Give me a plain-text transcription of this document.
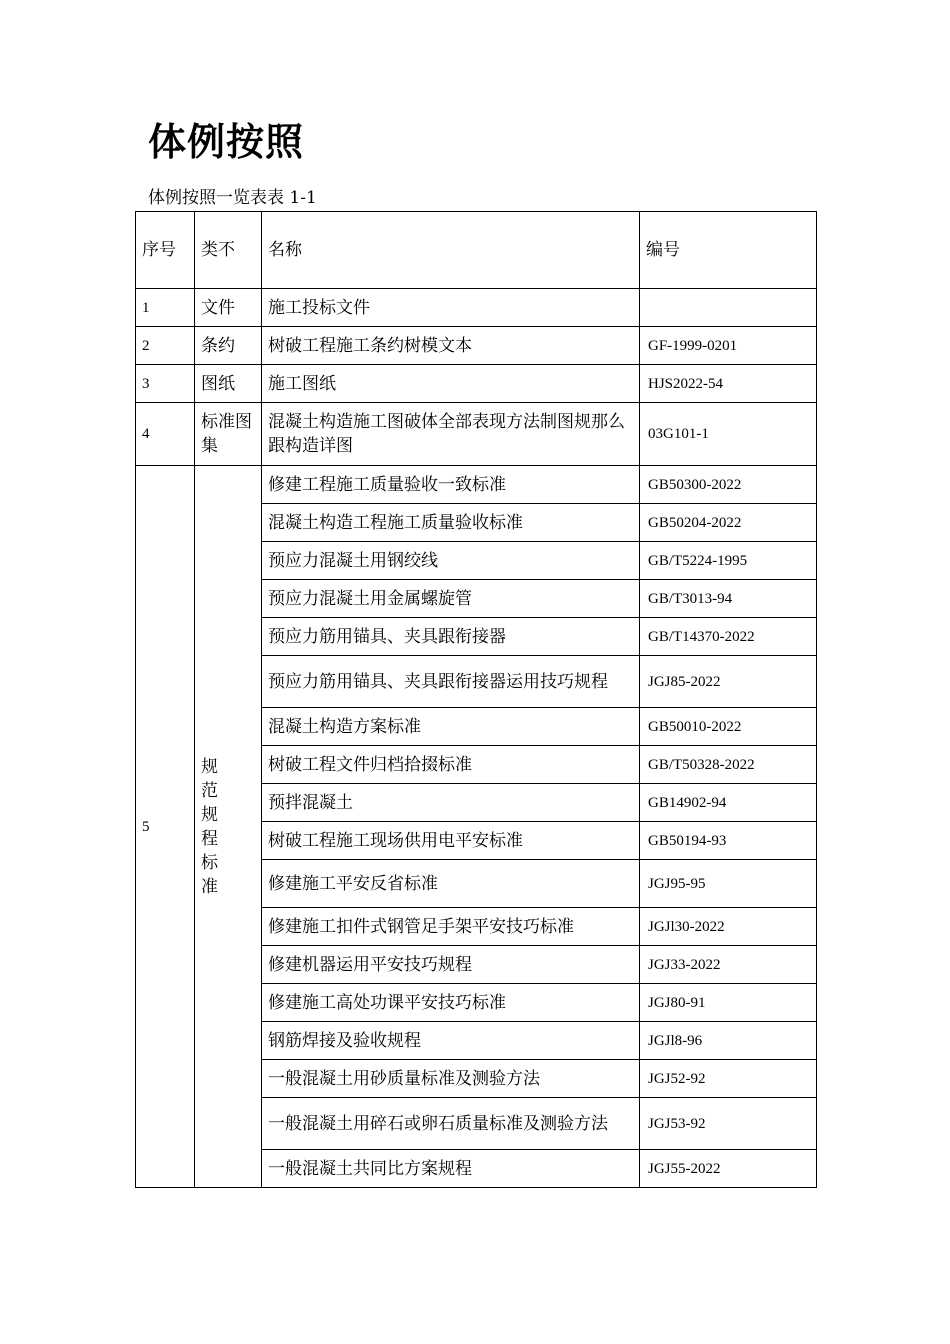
体例按照
体例按照一览表表 1-1
序号	类不	名称	编号
1	文件	施工投标文件	
2	条约	树破工程施工条约树模文本	GF-1999-0201
3	图纸	施工图纸	HJS2022-54
4	标准图集	混凝土构造施工图破体全部表现方法制图规那么跟构造详图	03G101-1
5	规范规程标准	修建工程施工质量验收一致标准	GB50300-2022
		混凝土构造工程施工质量验收标准	GB50204-2022
		预应力混凝土用钢绞线	GB/T5224-1995
		预应力混凝土用金属螺旋管	GB/T3013-94
		预应力筋用锚具、夹具跟衔接器	GB/T14370-2022
		预应力筋用锚具、夹具跟衔接器运用技巧规程	JGJ85-2022
		混凝土构造方案标准	GB50010-2022
		树破工程文件归档拾掇标准	GB/T50328-2022
		预拌混凝土	GB14902-94
		树破工程施工现场供用电平安标准	GB50194-93
		修建施工平安反省标准	JGJ95-95
		修建施工扣件式钢管足手架平安技巧标准	JGJl30-2022
		修建机器运用平安技巧规程	JGJ33-2022
		修建施工高处功课平安技巧标准	JGJ80-91
		钢筋焊接及验收规程	JGJl8-96
		一般混凝土用砂质量标准及测验方法	JGJ52-92
		一般混凝土用碎石或卵石质量标准及测验方法	JGJ53-92
		一般混凝土共同比方案规程	JGJ55-2022
